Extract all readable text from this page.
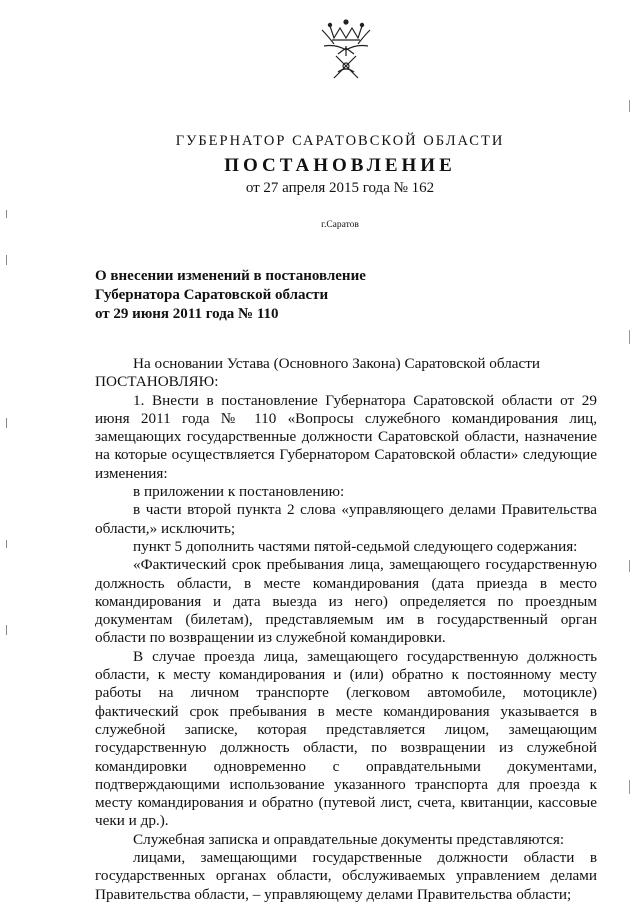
ГУБЕРНАТОР САРАТОВСКОЙ ОБЛАСТИ
ПОСТАНОВЛЕНИЕ
от 27 апреля 2015 года № 162
г.Саратов
О внесении изменений в постановление
Губернатора Саратовской области
от 29 июня 2011 года № 110

На основании Устава (Основного Закона) Саратовской области

ПОСТАНОВЛЯЮ:

1. Внести в постановление Губернатора Саратовской области от 29 июня 2011 года № 110 «Вопросы служебного командирования лиц, замещающих государственные должности Саратовской области, назначение на которые осуществляется Губернатором Саратовской области» следующие изменения:

в приложении к постановлению:

в части второй пункта 2 слова «управляющего делами Правительства области,» исключить;

пункт 5 дополнить частями пятой-седьмой следующего содержания:

«Фактический срок пребывания лица, замещающего государственную должность области, в месте командирования (дата приезда в место командирования и дата выезда из него) определяется по проездным документам (билетам), представляемым им в государственный орган области по возвращении из служебной командировки.

В случае проезда лица, замещающего государственную должность области, к месту командирования и (или) обратно к постоянному месту работы на личном транспорте (легковом автомобиле, мотоцикле) фактический срок пребывания в месте командирования указывается в служебной записке, которая представляется лицом, замещающим государственную должность области, по возвращении из служебной командировки одновременно с оправдательными документами, подтверждающими использование указанного транспорта для проезда к месту командирования и обратно (путевой лист, счета, квитанции, кассовые чеки и др.).

Служебная записка и оправдательные документы представляются:

лицами, замещающими государственные должности области в государственных органах области, обслуживаемых управлением делами Правительства области, – управляющему делами Правительства области;
